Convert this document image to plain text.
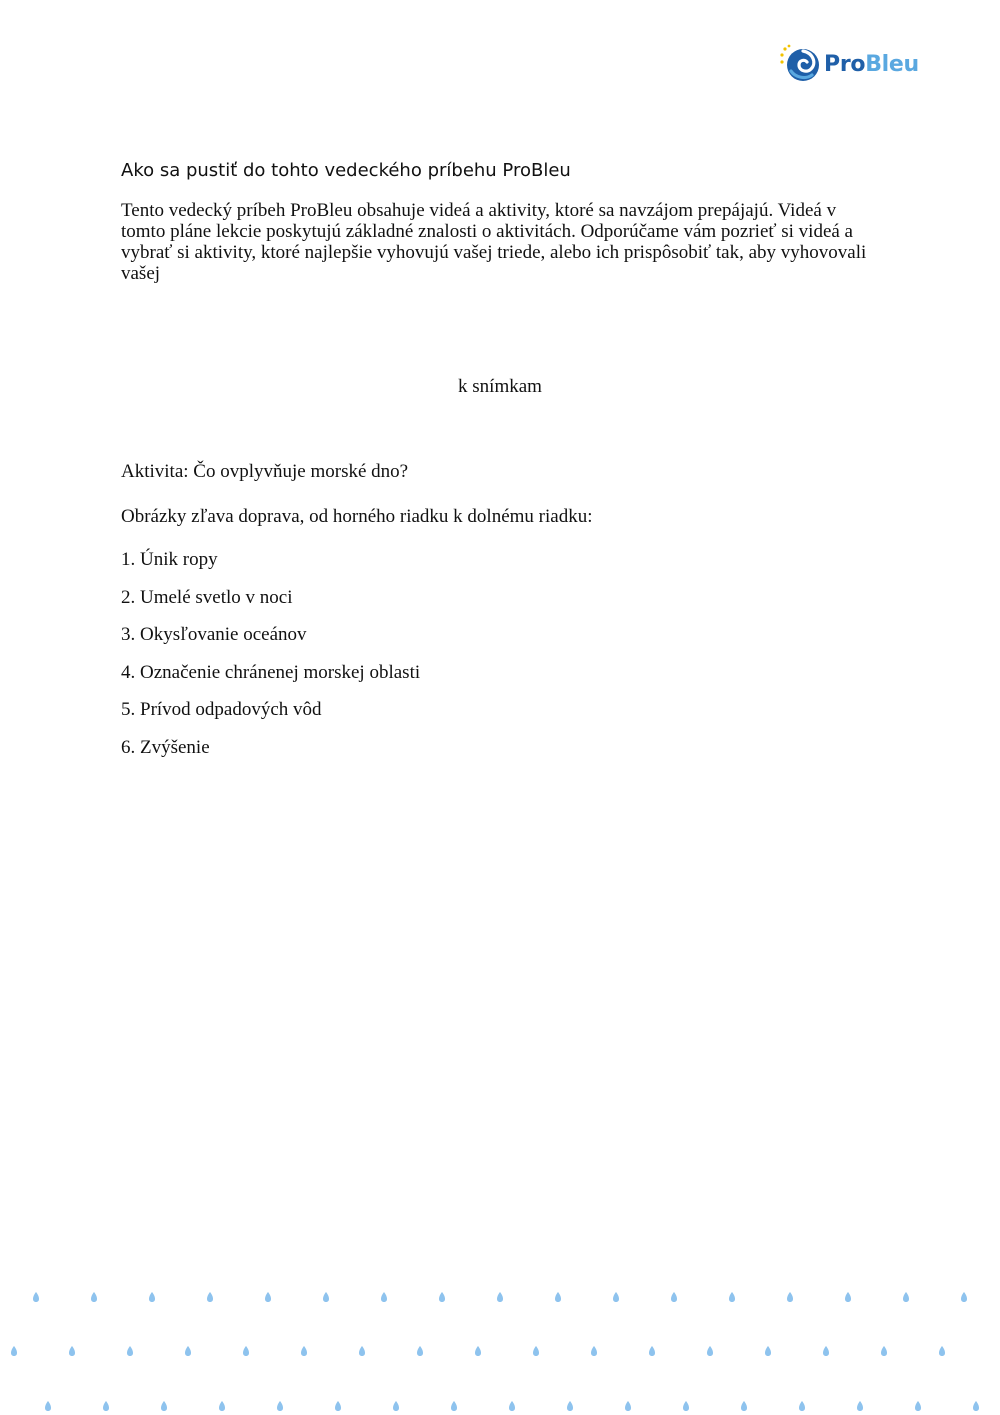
ProBleu
Ako sa pustiť do tohto vedeckého príbehu ProBleu

Tento vedecký príbeh ProBleu obsahuje videá a aktivity, ktoré sa navzájom prepájajú. Videá v tomto pláne lekcie poskytujú základné znalosti o aktivitách. Odporúčame vám pozrieť si videá a vybrať si aktivity, ktoré najlepšie vyhovujú vašej triede, alebo ich prispôsobiť tak, aby vyhovovali vašej

k snímkam
Aktivita: Čo ovplyvňuje morské dno?
Obrázky zľava doprava, od horného riadku k dolnému riadku:
1. Únik ropy
2. Umelé svetlo v noci
3. Okysľovanie oceánov
4. Označenie chránenej morskej oblasti
5. Prívod odpadových vôd
6. Zvýšenie
